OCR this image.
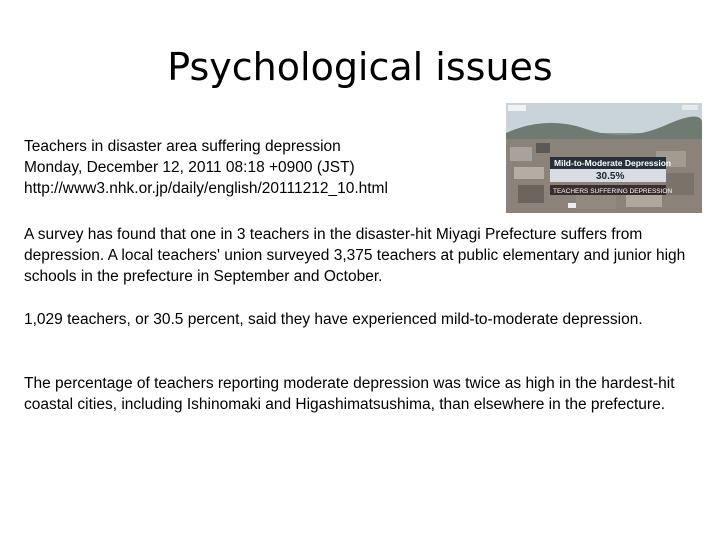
Psychological issues
Teachers in disaster area suffering depression
Monday, December 12, 2011 08:18 +0900 (JST)
http://www3.nhk.or.jp/daily/english/20111212_10.html
Mild-to-Moderate Depression
30.5%
TEACHERS SUFFERING DEPRESSION
A survey has found that one in 3 teachers in the disaster-hit Miyagi Prefecture suffers from depression. A local teachers' union surveyed 3,375 teachers at public elementary and junior high schools in the prefecture in September and October.
1,029 teachers, or 30.5 percent, said they have experienced mild-to-moderate depression.
The percentage of teachers reporting moderate depression was twice as high in the hardest-hit coastal cities, including Ishinomaki and Higashimatsushima, than elsewhere in the prefecture.
